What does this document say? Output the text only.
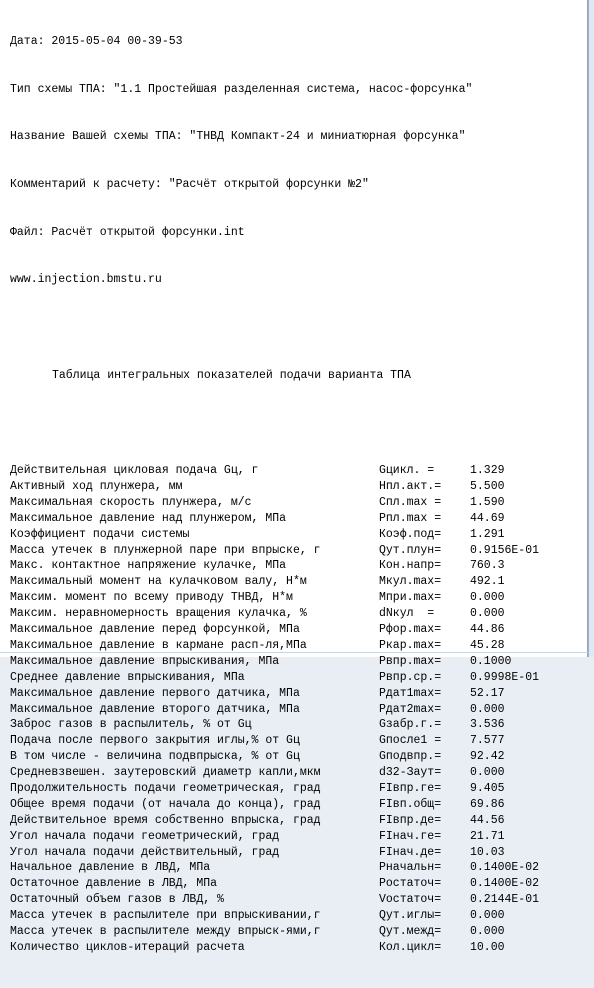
Дата: 2015-05-04 00-39-53

Тип схемы ТПА: "1.1 Простейшая разделенная система, насос-форсунка"

Название Вашей схемы ТПА: "ТНВД Компакт-24 и миниатюрная форсунка"

Комментарий к расчету: "Расчёт открытой форсунки №2"

Файл: Расчёт открытой форсунки.int

www.injection.bmstu.ru

Таблица интегральных показателей подачи варианта ТПА

Действительная цикловая подача Gц, г	Gцикл. =	1.329
Активный ход плунжера, мм	Hпл.акт.=	5.500
Максимальная скорость плунжера, м/с	Cпл.max =	1.590
Максимальное давление над плунжером, МПа	Pпл.max =	44.69
Коэффициент подачи системы	Коэф.под=	1.291
Масса утечек в плунжерной паре при впрыске, г	Qут.плун=	0.9156E-01
Макс. контактное напряжение кулачке, МПа	Кон.напр=	760.3
Максимальный момент на кулачковом валу, Н*м	Мкул.max=	492.1
Максим. момент по всему приводу ТНВД, Н*м	Мпри.max=	0.000
Максим. неравномерность вращения кулачка, %	dNкул  =	0.000
Максимальное давление перед форсункой, МПа	Pфор.max=	44.86
Максимальное давление в кармане расп-ля,МПа	Pкар.max=	45.28
Максимальное давление впрыскивания, МПа	Pвпр.max=	0.1000
Среднее давление впрыскивания, МПа	Pвпр.ср.=	0.9998E-01
Максимальное давление первого датчика, МПа	Pдат1max=	52.17
Максимальное давление второго датчика, МПа	Pдат2max=	0.000
Заброс газов в распылитель, % от Gц	Gзабр.г.=	3.536
Подача после первого закрытия иглы,% от Gц	Gпосле1 =	7.577
В том числе - величина подвпрыска, % от Gц	Gподвпр.=	92.42
Средневзвешен. заутеровский диаметр капли,мкм	d32-Заут=	0.000
Продолжительность подачи геометрическая, град	FIвпр.ге=	9.405
Общее время подачи (от начала до конца), град	FIвп.общ=	69.86
Действительное время собственно впрыска, град	FIвпр.де=	44.56
Угол начала подачи геометрический, град	FIнач.ге=	21.71
Угол начала подачи действительный, град	FIнач.де=	10.03
Начальное давление в ЛВД, МПа	Pначальн=	0.1400E-02
Остаточное давление в ЛВД, МПа	Pостаточ=	0.1400E-02
Остаточный объем газов в ЛВД, %	Vостаточ=	0.2144E-01
Масса утечек в распылителе при впрыскивании,г	Qут.иглы=	0.000
Масса утечек в распылителе между впрыск-ями,г	Qут.межд=	0.000
Количество циклов-итераций расчета	Кол.цикл=	10.00
